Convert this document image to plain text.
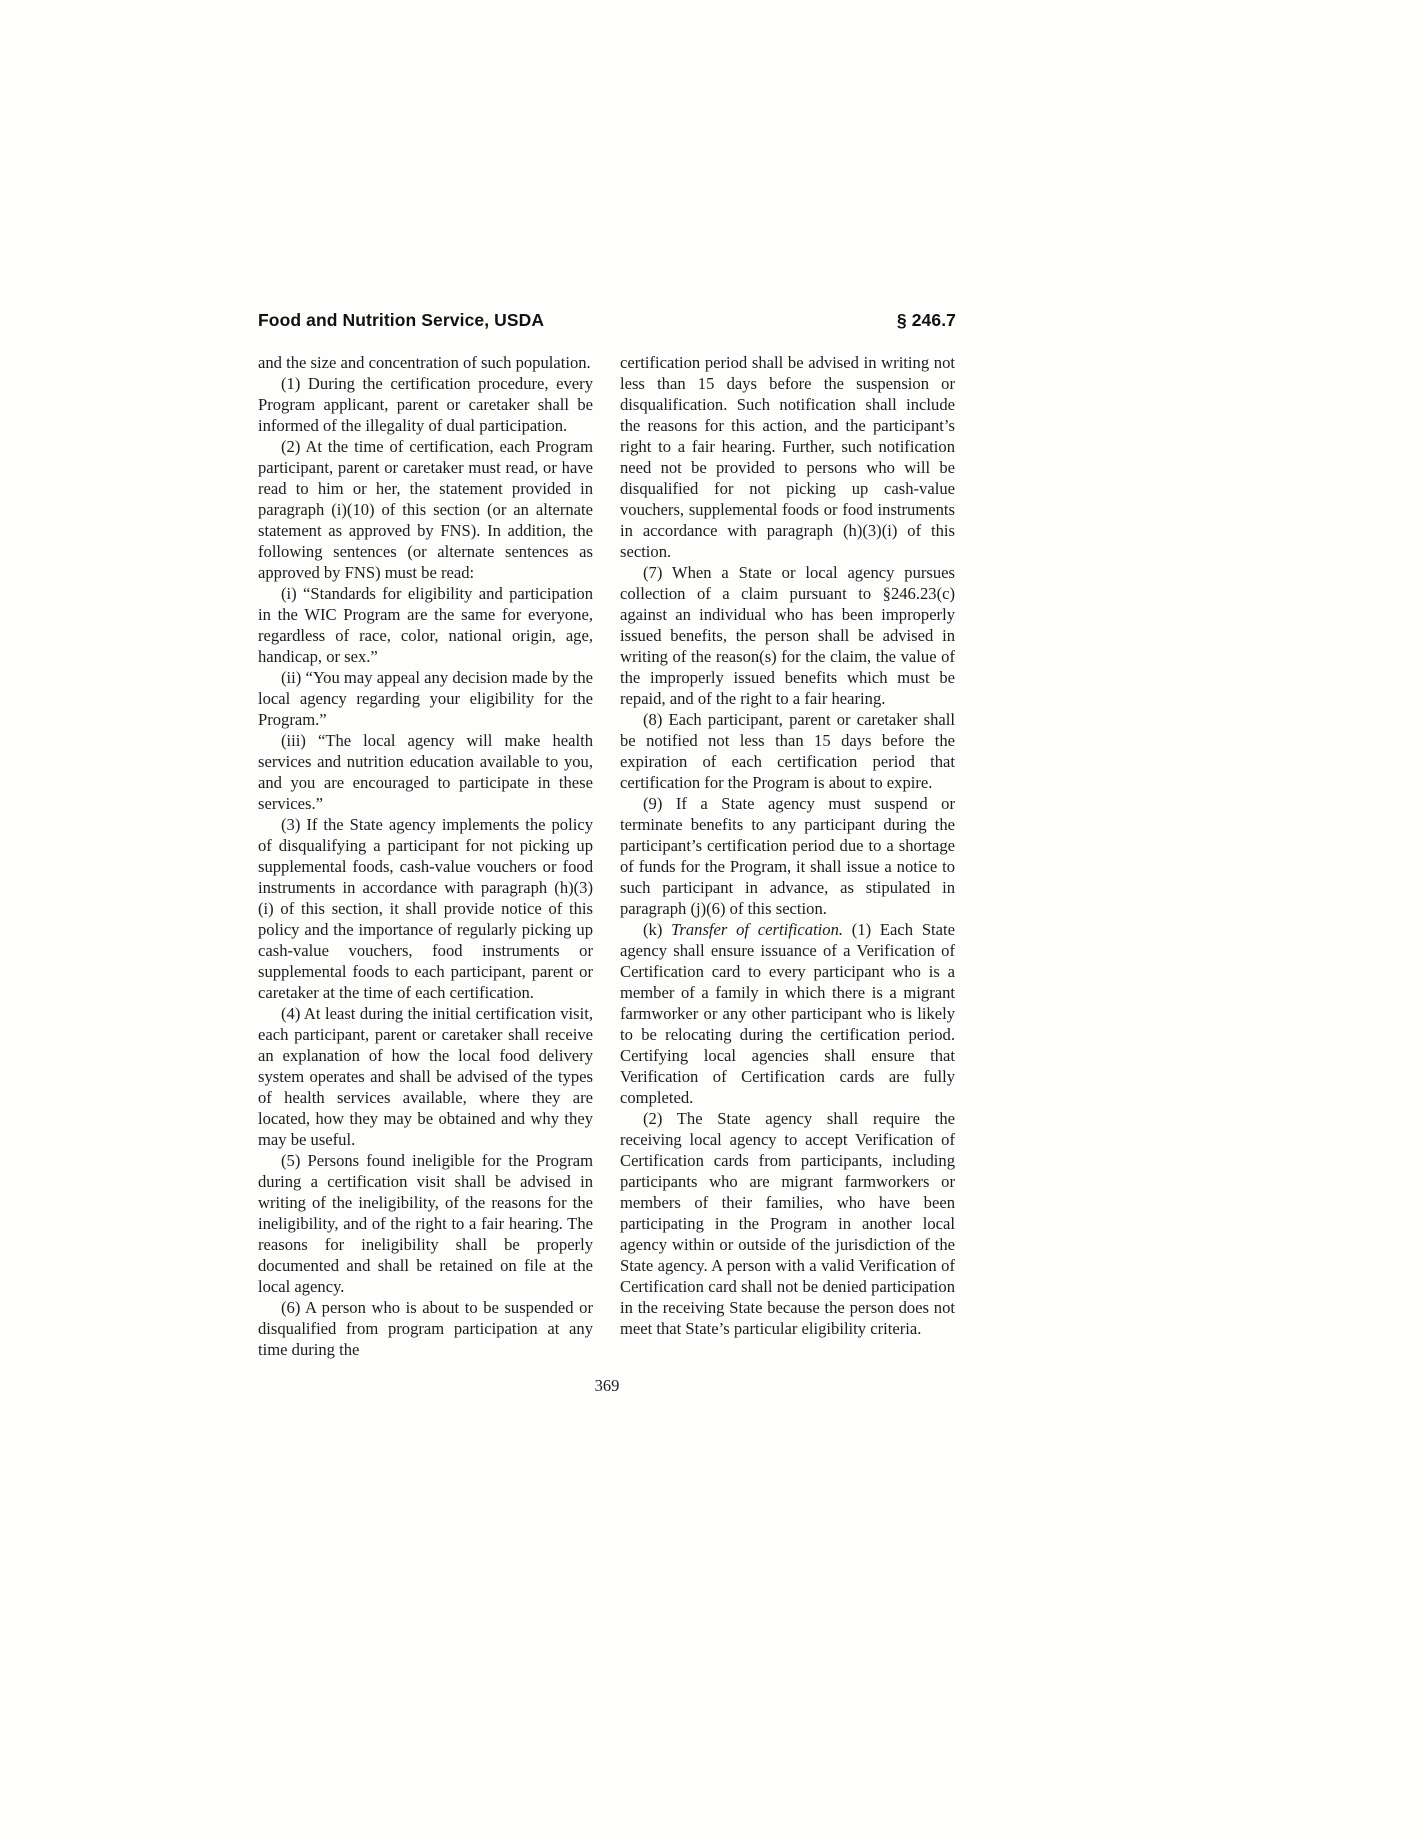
Food and Nutrition Service, USDA	§ 246.7

and the size and concentration of such population.

(1) During the certification procedure, every Program applicant, parent or caretaker shall be informed of the illegality of dual participation.

(2) At the time of certification, each Program participant, parent or caretaker must read, or have read to him or her, the statement provided in paragraph (i)(10) of this section (or an alternate statement as approved by FNS). In addition, the following sentences (or alternate sentences as approved by FNS) must be read:

(i) “Standards for eligibility and participation in the WIC Program are the same for everyone, regardless of race, color, national origin, age, handicap, or sex.”

(ii) “You may appeal any decision made by the local agency regarding your eligibility for the Program.”

(iii) “The local agency will make health services and nutrition education available to you, and you are encouraged to participate in these services.”

(3) If the State agency implements the policy of disqualifying a participant for not picking up supplemental foods, cash-value vouchers or food instruments in accordance with paragraph (h)(3)(i) of this section, it shall provide notice of this policy and the importance of regularly picking up cash-value vouchers, food instruments or supplemental foods to each participant, parent or caretaker at the time of each certification.

(4) At least during the initial certification visit, each participant, parent or caretaker shall receive an explanation of how the local food delivery system operates and shall be advised of the types of health services available, where they are located, how they may be obtained and why they may be useful.

(5) Persons found ineligible for the Program during a certification visit shall be advised in writing of the ineligibility, of the reasons for the ineligibility, and of the right to a fair hearing. The reasons for ineligibility shall be properly documented and shall be retained on file at the local agency.

(6) A person who is about to be suspended or disqualified from program participation at any time during the

certification period shall be advised in writing not less than 15 days before the suspension or disqualification. Such notification shall include the reasons for this action, and the participant’s right to a fair hearing. Further, such notification need not be provided to persons who will be disqualified for not picking up cash-value vouchers, supplemental foods or food instruments in accordance with paragraph (h)(3)(i) of this section.

(7) When a State or local agency pursues collection of a claim pursuant to §246.23(c) against an individual who has been improperly issued benefits, the person shall be advised in writing of the reason(s) for the claim, the value of the improperly issued benefits which must be repaid, and of the right to a fair hearing.

(8) Each participant, parent or caretaker shall be notified not less than 15 days before the expiration of each certification period that certification for the Program is about to expire.

(9) If a State agency must suspend or terminate benefits to any participant during the participant’s certification period due to a shortage of funds for the Program, it shall issue a notice to such participant in advance, as stipulated in paragraph (j)(6) of this section.

(k) Transfer of certification. (1) Each State agency shall ensure issuance of a Verification of Certification card to every participant who is a member of a family in which there is a migrant farmworker or any other participant who is likely to be relocating during the certification period. Certifying local agencies shall ensure that Verification of Certification cards are fully completed.

(2) The State agency shall require the receiving local agency to accept Verification of Certification cards from participants, including participants who are migrant farmworkers or members of their families, who have been participating in the Program in another local agency within or outside of the jurisdiction of the State agency. A person with a valid Verification of Certification card shall not be denied participation in the receiving State because the person does not meet that State’s particular eligibility criteria.

369
